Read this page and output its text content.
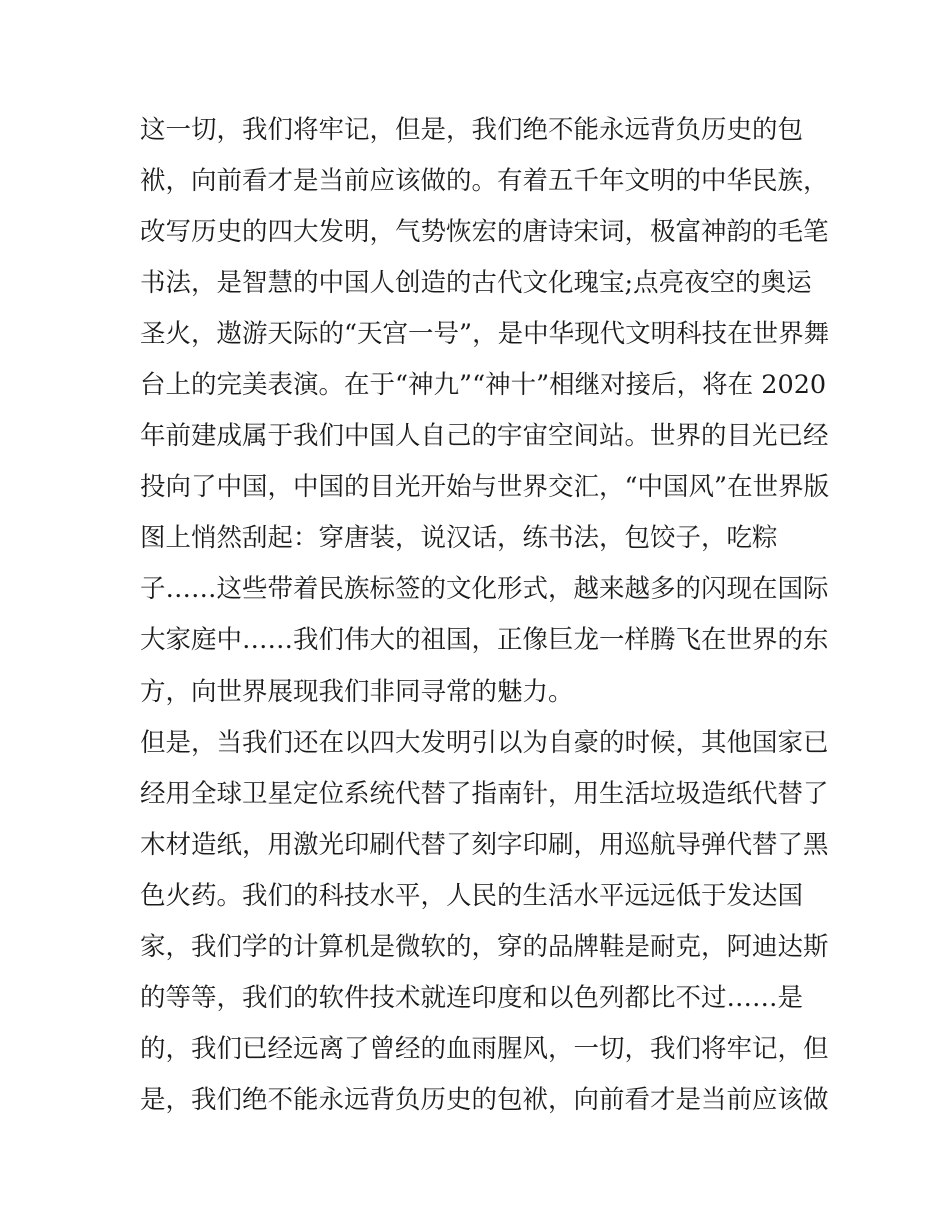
这一切，我们将牢记，但是，我们绝不能永远背负历史的包
袱，向前看才是当前应该做的。有着五千年文明的中华民族，
改写历史的四大发明，气势恢宏的唐诗宋词，极富神韵的毛笔
书法，是智慧的中国人创造的古代文化瑰宝;点亮夜空的奥运
圣火，遨游天际的“天宫一号”，是中华现代文明科技在世界舞
台上的完美表演。在于“神九”“神十”相继对接后，将在 2020
年前建成属于我们中国人自己的宇宙空间站。世界的目光已经
投向了中国，中国的目光开始与世界交汇，“中国风”在世界版
图上悄然刮起：穿唐装，说汉话，练书法，包饺子，吃粽
子……这些带着民族标签的文化形式，越来越多的闪现在国际
大家庭中……我们伟大的祖国，正像巨龙一样腾飞在世界的东
方，向世界展现我们非同寻常的魅力。
但是，当我们还在以四大发明引以为自豪的时候，其他国家已
经用全球卫星定位系统代替了指南针，用生活垃圾造纸代替了
木材造纸，用激光印刷代替了刻字印刷，用巡航导弹代替了黑
色火药。我们的科技水平，人民的生活水平远远低于发达国
家，我们学的计算机是微软的，穿的品牌鞋是耐克，阿迪达斯
的等等，我们的软件技术就连印度和以色列都比不过……是
的，我们已经远离了曾经的血雨腥风，一切，我们将牢记，但
是，我们绝不能永远背负历史的包袱，向前看才是当前应该做
